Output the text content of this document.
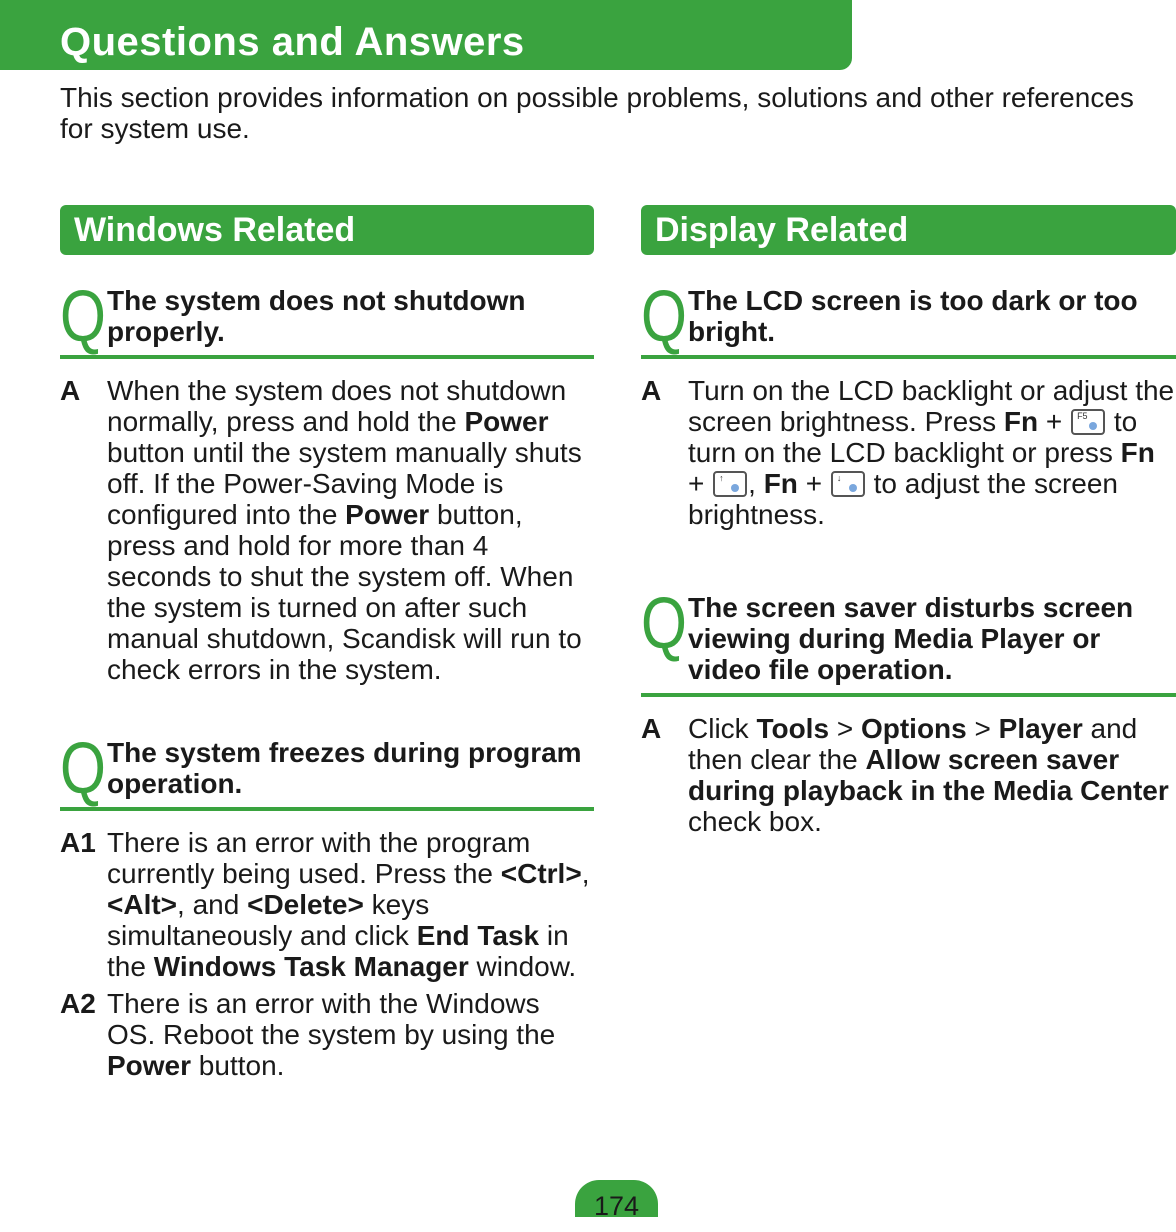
Questions and Answers

This section provides information on possible problems, solutions and other references for system use.

Windows Related
Q The system does not shutdown properly.

A When the system does not shutdown normally, press and hold the Power button until the system manually shuts off. If the Power-Saving Mode is configured into the Power button, press and hold for more than 4 seconds to shut the system off. When the system is turned on after such manual shutdown, Scandisk will run to check errors in the system.

Q The system freezes during program operation.

A1 There is an error with the program currently being used. Press the <Ctrl>, <Alt>, and <Delete> keys simultaneously and click End Task in the Windows Task Manager window.

A2 There is an error with the Windows OS. Reboot the system by using the Power button.

Display Related
Q The LCD screen is too dark or too bright.

A Turn on the LCD backlight or adjust the screen brightness. Press Fn + F5 to turn on the LCD backlight or press Fn + ↑ , Fn + ↓ to adjust the screen brightness.

Q The screen saver disturbs screen viewing during Media Player or video file operation.

A Click Tools > Options > Player and then clear the Allow screen saver during playback in the Media Center check box.

174
